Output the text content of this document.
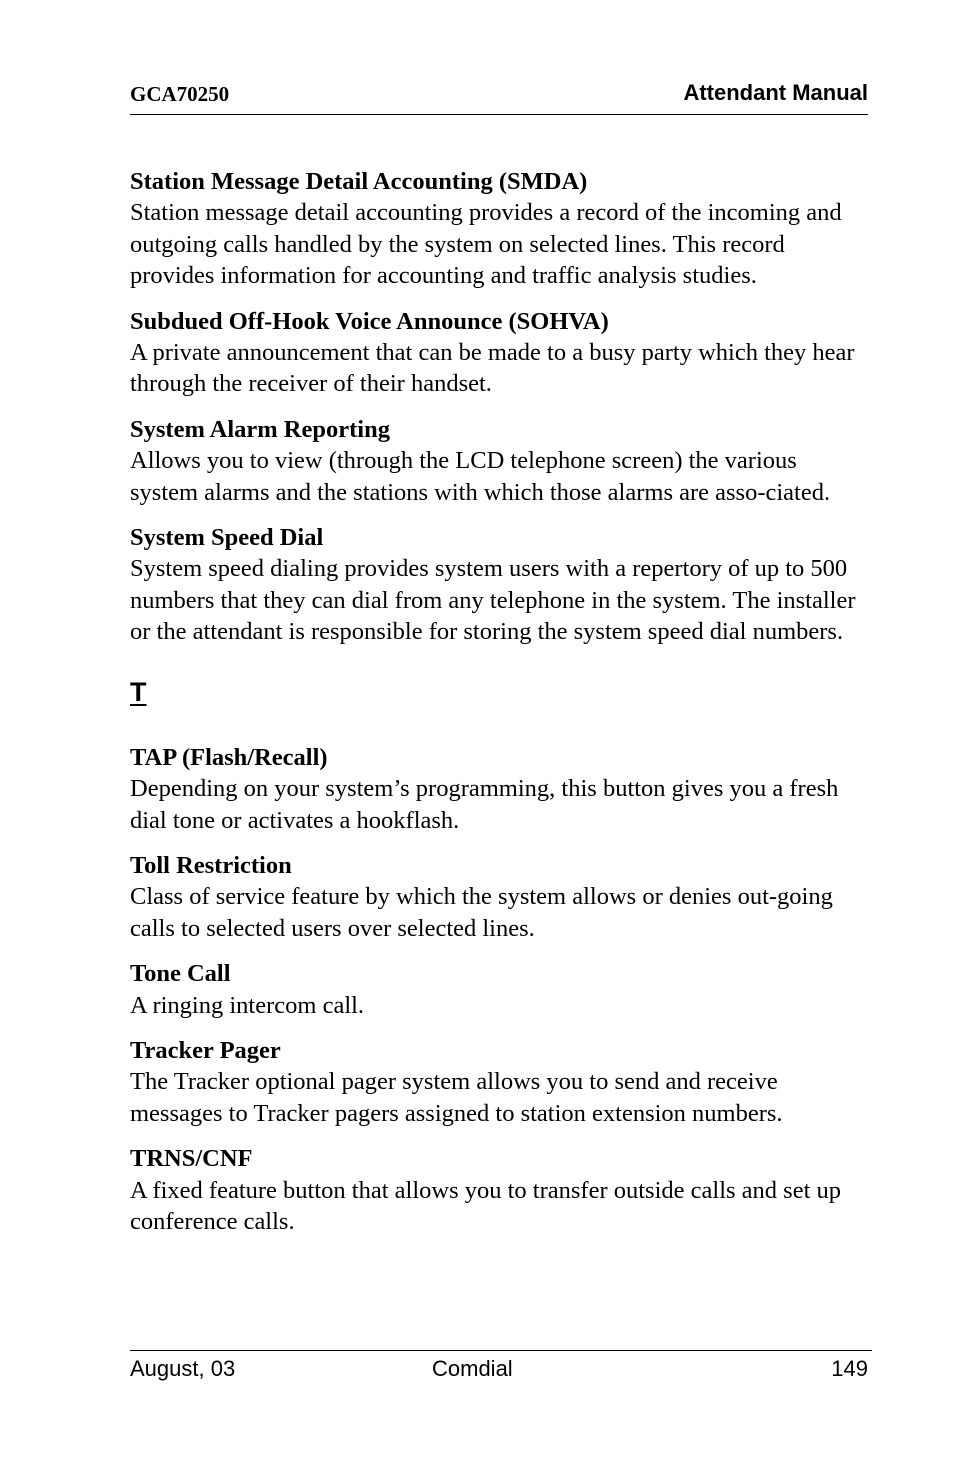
GCA70250	Attendant Manual
Station Message Detail Accounting (SMDA)
Station message detail accounting provides a record of the incoming and outgoing calls handled by the system on selected lines. This record provides information for accounting and traffic analysis studies.
Subdued Off-Hook Voice Announce (SOHVA)
A private announcement that can be made to a busy party which they hear through the receiver of their handset.
System Alarm Reporting
Allows you to view (through the LCD telephone screen) the various system alarms and the stations with which those alarms are asso-ciated.
System Speed Dial
System speed dialing provides system users with a repertory of up to 500 numbers that they can dial from any telephone in the system. The installer or the attendant is responsible for storing the system speed dial numbers.
T
TAP (Flash/Recall)
Depending on your system’s programming, this button gives you a fresh dial tone or activates a hookflash.
Toll Restriction
Class of service feature by which the system allows or denies out-going calls to selected users over selected lines.
Tone Call
A ringing intercom call.
Tracker Pager
The Tracker optional pager system allows you to send and receive messages to Tracker pagers assigned to station extension numbers.
TRNS/CNF
A fixed feature button that allows you to transfer outside calls and set up conference calls.
August, 03	Comdial	149
